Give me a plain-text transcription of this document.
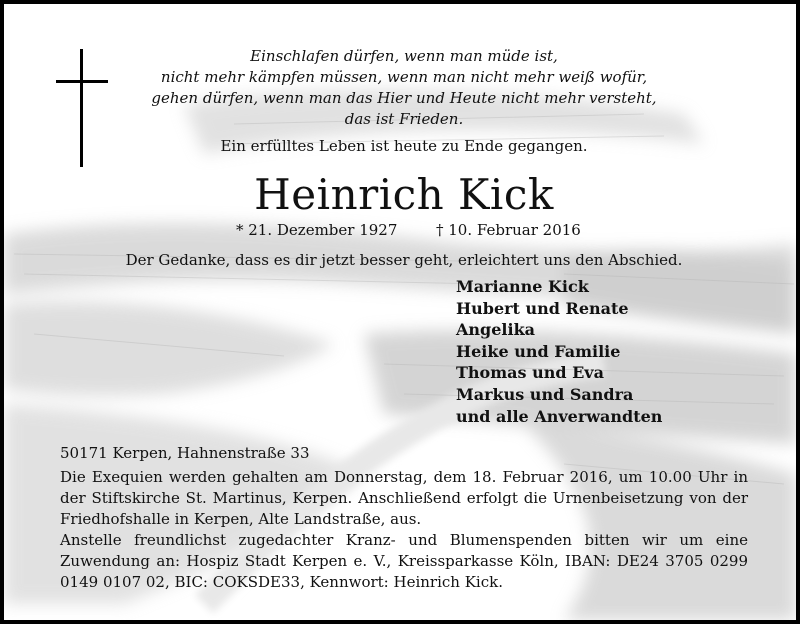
Einschlafen dürfen, wenn man müde ist,
nicht mehr kämpfen müssen, wenn man nicht mehr weiß wofür,
gehen dürfen, wenn man das Hier und Heute nicht mehr versteht,
das ist Frieden.
Ein erfülltes Leben ist heute zu Ende gegangen.
Heinrich Kick
* 21. Dezember 1927	† 10. Februar 2016
Der Gedanke, dass es dir jetzt besser geht, erleichtert uns den Abschied.
Marianne Kick
Hubert und Renate
Angelika
Heike und Familie
Thomas und Eva
Markus und Sandra
und alle Anverwandten
50171 Kerpen, Hahnenstraße 33

Die Exequien werden gehalten am Donnerstag, dem 18. Februar 2016, um 10.00 Uhr in der Stiftskirche St. Martinus, Kerpen. Anschließend erfolgt die Urnenbeisetzung von der Friedhofshalle in Kerpen, Alte Landstraße, aus.

Anstelle freundlichst zugedachter Kranz- und Blumenspenden bitten wir um eine Zuwendung an: Hospiz Stadt Kerpen e. V., Kreissparkasse Köln, IBAN: DE24 3705 0299 0149 0107 02, BIC: COKSDE33, Kennwort: Heinrich Kick.
